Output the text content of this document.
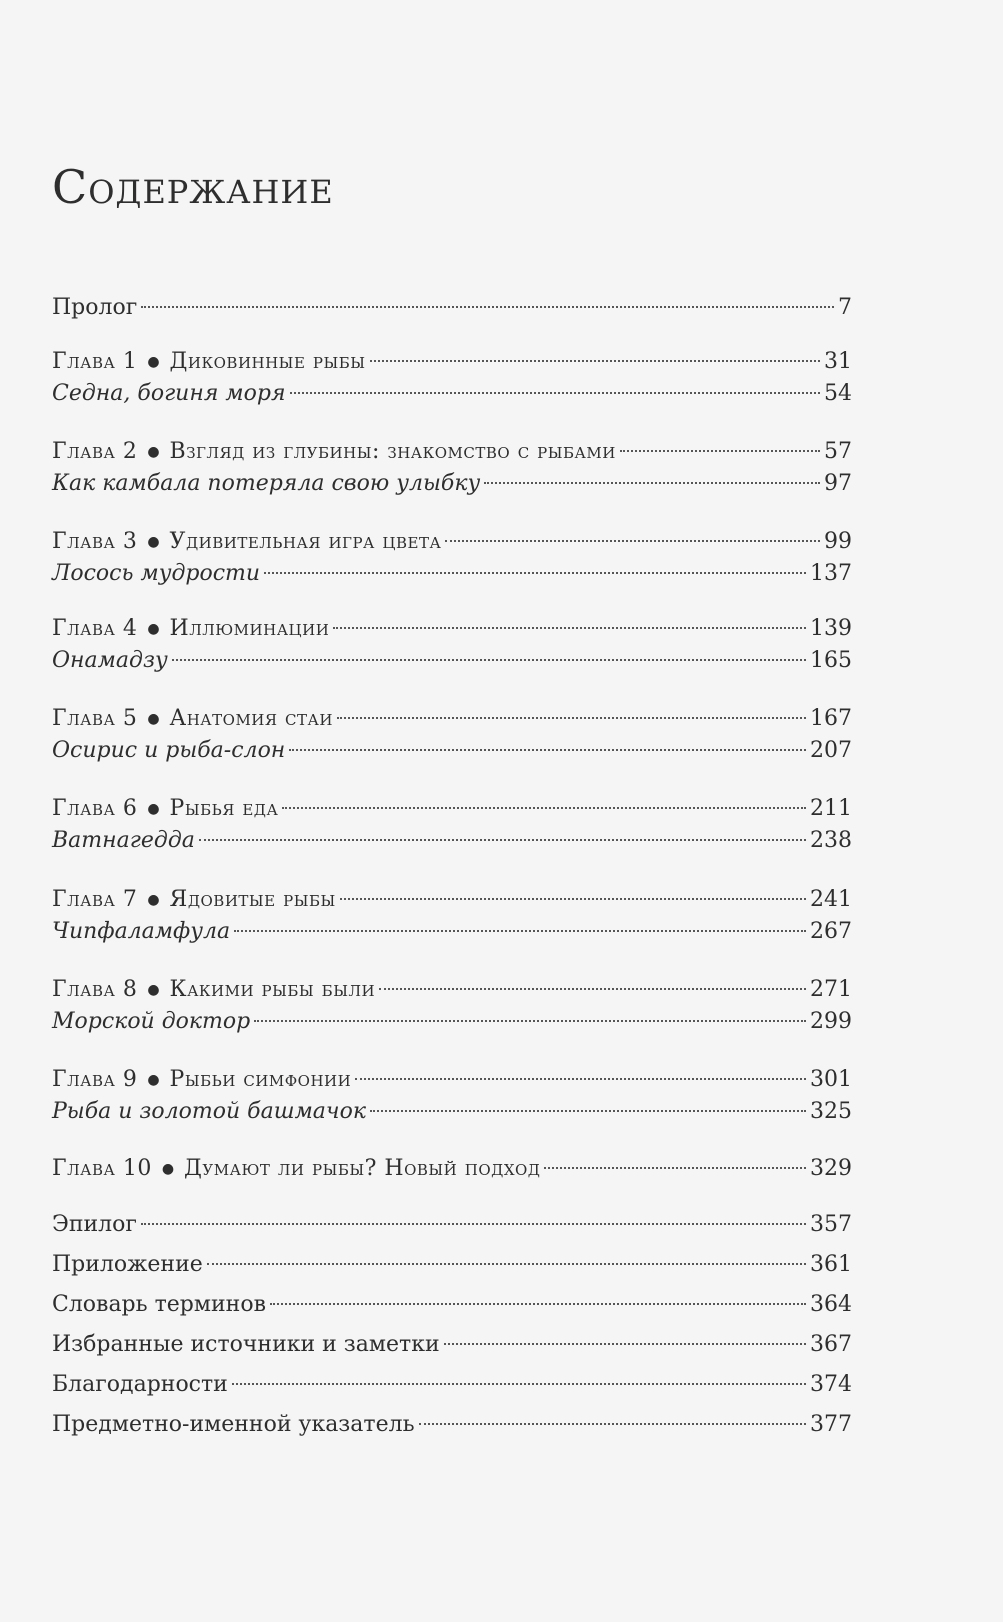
Содержание
Пролог	7
Глава 1 ● Диковинные рыбы	31
Седна, богиня моря	54
Глава 2 ● Взгляд из глубины: знакомство с рыбами	57
Как камбала потеряла свою улыбку	97
Глава 3 ● Удивительная игра цвета	99
Лосось мудрости	137
Глава 4 ● Иллюминации	139
Онамадзу	165
Глава 5 ● Анатомия стаи	167
Осирис и рыба-слон	207
Глава 6 ● Рыбья еда	211
Ватнагедда	238
Глава 7 ● Ядовитые рыбы	241
Чипфаламфула	267
Глава 8 ● Какими рыбы были	271
Морской доктор	299
Глава 9 ● Рыбьи симфонии	301
Рыба и золотой башмачок	325
Глава 10 ● Думают ли рыбы? Новый подход	329
Эпилог	357
Приложение	361
Словарь терминов	364
Избранные источники и заметки	367
Благодарности	374
Предметно-именной указатель	377
